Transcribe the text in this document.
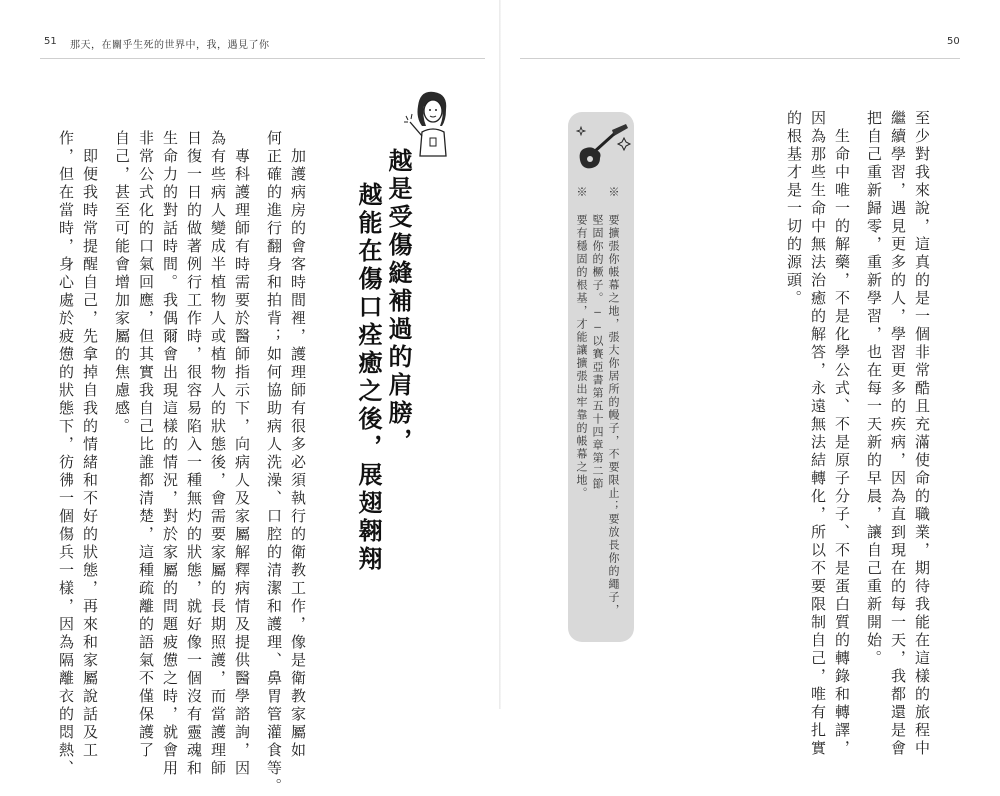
51 那天，在關乎生死的世界中，我，遇見了你
越是受傷縫補過的肩膀，
越能在傷口痊癒之後，展翅翱翔
　加護病房的會客時間裡，護理師有很多必須執行的衛教工作，像是衛教家屬如
何正確的進行翻身和拍背；如何協助病人洗澡、口腔的清潔和護理、鼻胃管灌食等。
　專科護理師有時需要於醫師指示下，向病人及家屬解釋病情及提供醫學諮詢，因
為有些病人變成半植物人或植物人的狀態後，會需要家屬的長期照護，而當護理師
日復一日的做著例行工作時，很容易陷入一種無灼的狀態，就好像一個沒有靈魂和
生命力的對話時間。我偶爾會出現這樣的情況，對於家屬的問題疲憊之時，就會用
非常公式化的口氣回應，但其實我自己比誰都清楚，這種疏離的語氣不僅保護了
自己，甚至可能會增加家屬的焦慮感。
　即便我時常提醒自己，先拿掉自我的情緒和不好的狀態，再來和家屬說話及工
作，但在當時，身心處於疲憊的狀態下，彷彿一個傷兵一樣，因為隔離衣的悶熱、
50
至少對我來說，這真的是一個非常酷且充滿使命的職業，期待我能在這樣的旅程中
繼續學習，遇見更多的人，學習更多的疾病，因為直到現在的每一天，我都還是會
把自己重新歸零，重新學習，也在每一天新的早晨，讓自己重新開始。
　生命中唯一的解藥，不是化學公式、不是原子分子、不是蛋白質的轉錄和轉譯，
因為那些生命中無法治癒的解答，永遠無法結轉化，所以不要限制自己，唯有扎實
的根基才是一切的源頭。
※ 要擴張你帳幕之地，張大你居所的幔子，不要限止；要放長你的繩子，
　 堅固你的橛子。——以賽亞書第五十四章第二節
※ 要有穩固的根基，才能讓擴張出牢靠的帳幕之地。
